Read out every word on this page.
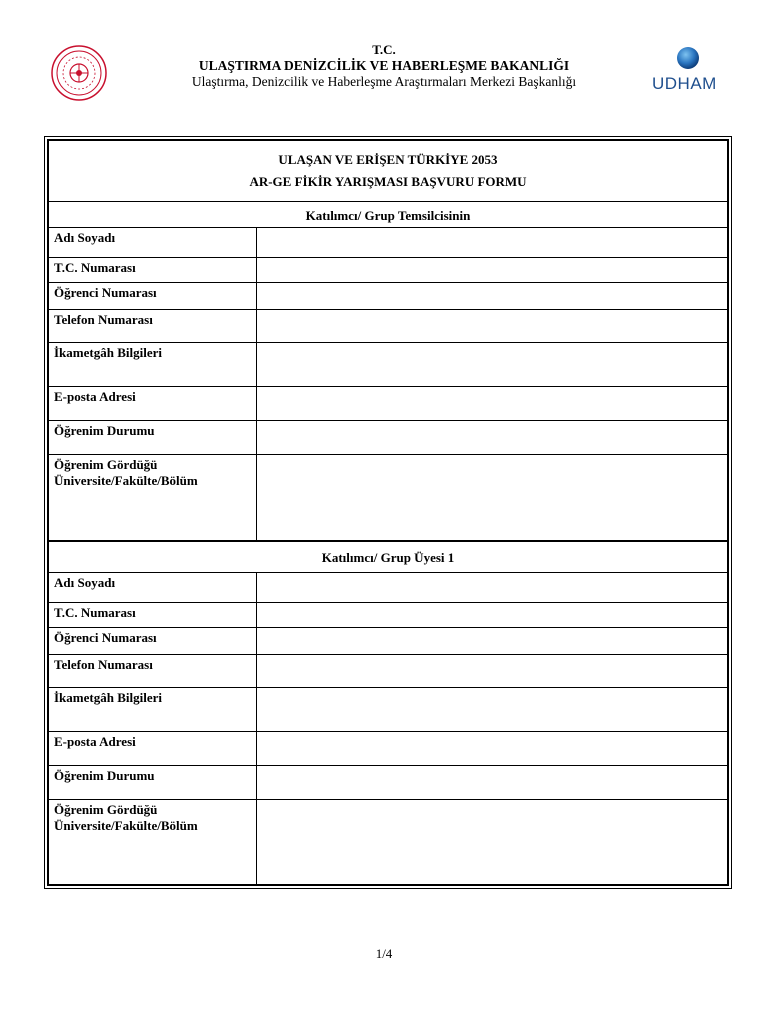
T.C.
ULAŞTIRMA DENİZCİLİK VE HABERLEŞME BAKANLIĞI
Ulaştırma, Denizcilik ve Haberleşme Araştırmaları Merkezi Başkanlığı	UDHAM
ULAŞAN VE ERİŞEN TÜRKİYE 2053
AR-GE FİKİR YARIŞMASI BAŞVURU FORMU	

Katılımcı/ Grup Temsilcisinin	
Adı Soyadı	
T.C. Numarası	
Öğrenci Numarası	
Telefon Numarası	
İkametgâh Bilgileri	
E-posta Adresi	
Öğrenim Durumu	
Öğrenim Gördüğü Üniversite/Fakülte/Bölüm	
Katılımcı/ Grup Üyesi 1	
Adı Soyadı	
T.C. Numarası	
Öğrenci Numarası	
Telefon Numarası	
İkametgâh Bilgileri	
E-posta Adresi	
Öğrenim Durumu	
Öğrenim Gördüğü Üniversite/Fakülte/Bölüm	
1/4
